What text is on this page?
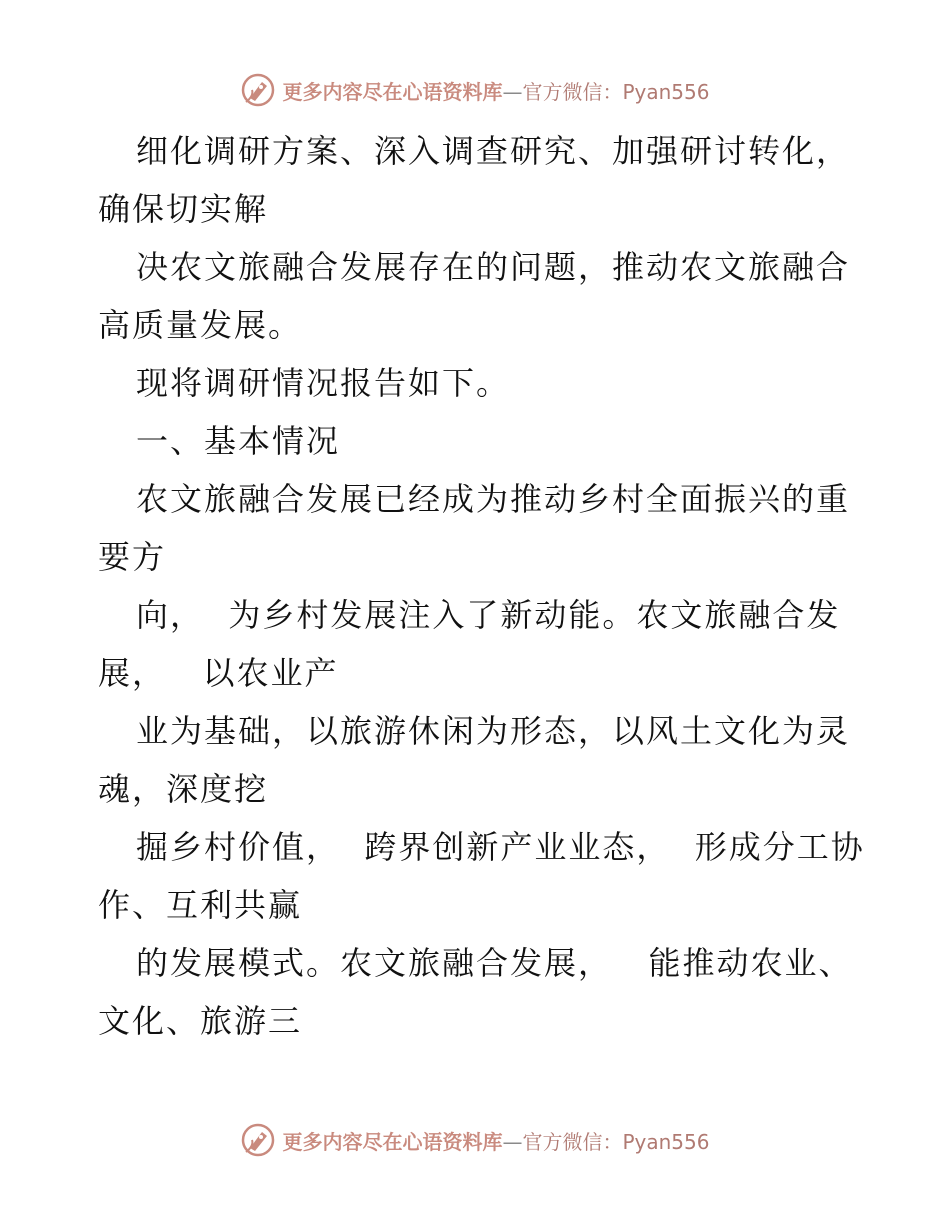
更多内容尽在心语资料库—官方微信：Pyan556
细化调研方案、深入调查研究、加强研讨转化，
确保切实解
决农文旅融合发展存在的问题，推动农文旅融合
高质量发展。
现将调研情况报告如下。
一、基本情况
农文旅融合发展已经成为推动乡村全面振兴的重
要方
向，  为乡村发展注入了新动能。农文旅融合发
展，   以农业产
业为基础，以旅游休闲为形态，以风土文化为灵
魂，深度挖
掘乡村价值，  跨界创新产业业态，  形成分工协
作、互利共赢
的发展模式。农文旅融合发展，   能推动农业、
文化、旅游三
更多内容尽在心语资料库—官方微信：Pyan556
